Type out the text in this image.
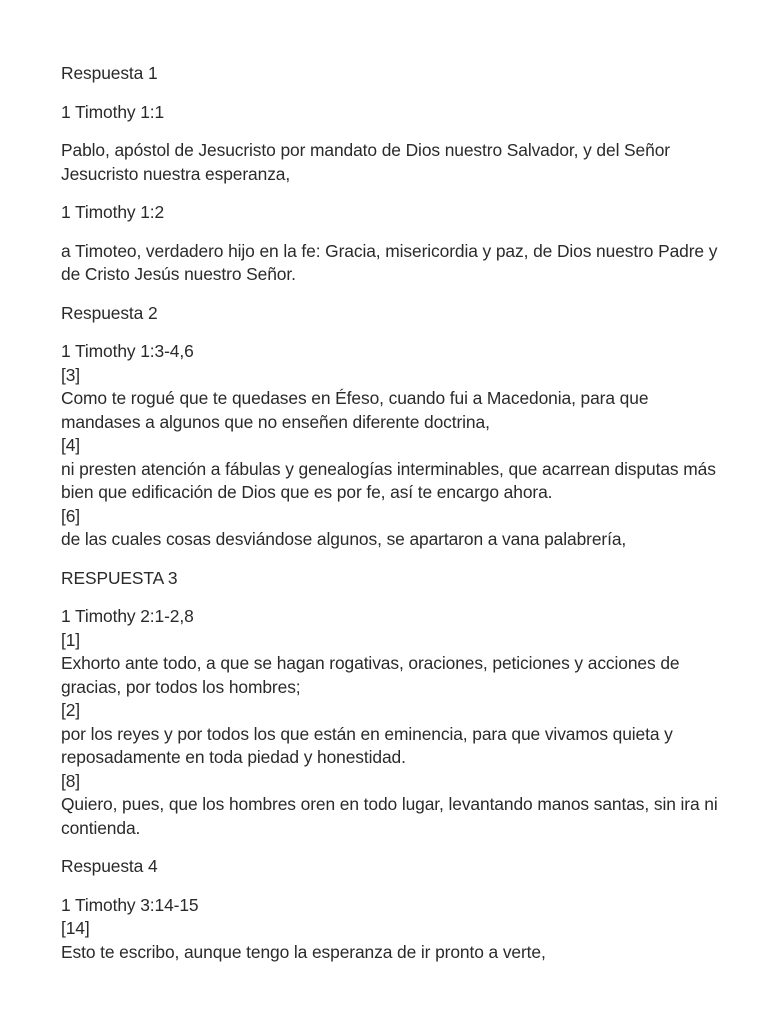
Respuesta 1

1 Timothy 1:1

Pablo, apóstol de Jesucristo por mandato de Dios nuestro Salvador, y del Señor Jesucristo nuestra esperanza,

1 Timothy 1:2

a Timoteo, verdadero hijo en la fe: Gracia, misericordia y paz, de Dios nuestro Padre y de Cristo Jesús nuestro Señor.

Respuesta 2

1 Timothy 1:3-4,6
[3]
Como te rogué que te quedases en Éfeso, cuando fui a Macedonia, para que mandases a algunos que no enseñen diferente doctrina,
[4]
ni presten atención a fábulas y genealogías interminables, que acarrean disputas más bien que edificación de Dios que es por fe, así te encargo ahora.
[6]
de las cuales cosas desviándose algunos, se apartaron a vana palabrería,

RESPUESTA 3

1 Timothy 2:1-2,8
[1]
Exhorto ante todo, a que se hagan rogativas, oraciones, peticiones y acciones de gracias, por todos los hombres;
[2]
por los reyes y por todos los que están en eminencia, para que vivamos quieta y reposadamente en toda piedad y honestidad.
[8]
Quiero, pues, que los hombres oren en todo lugar, levantando manos santas, sin ira ni contienda.

Respuesta 4

1 Timothy 3:14-15
[14]
Esto te escribo, aunque tengo la esperanza de ir pronto a verte,
